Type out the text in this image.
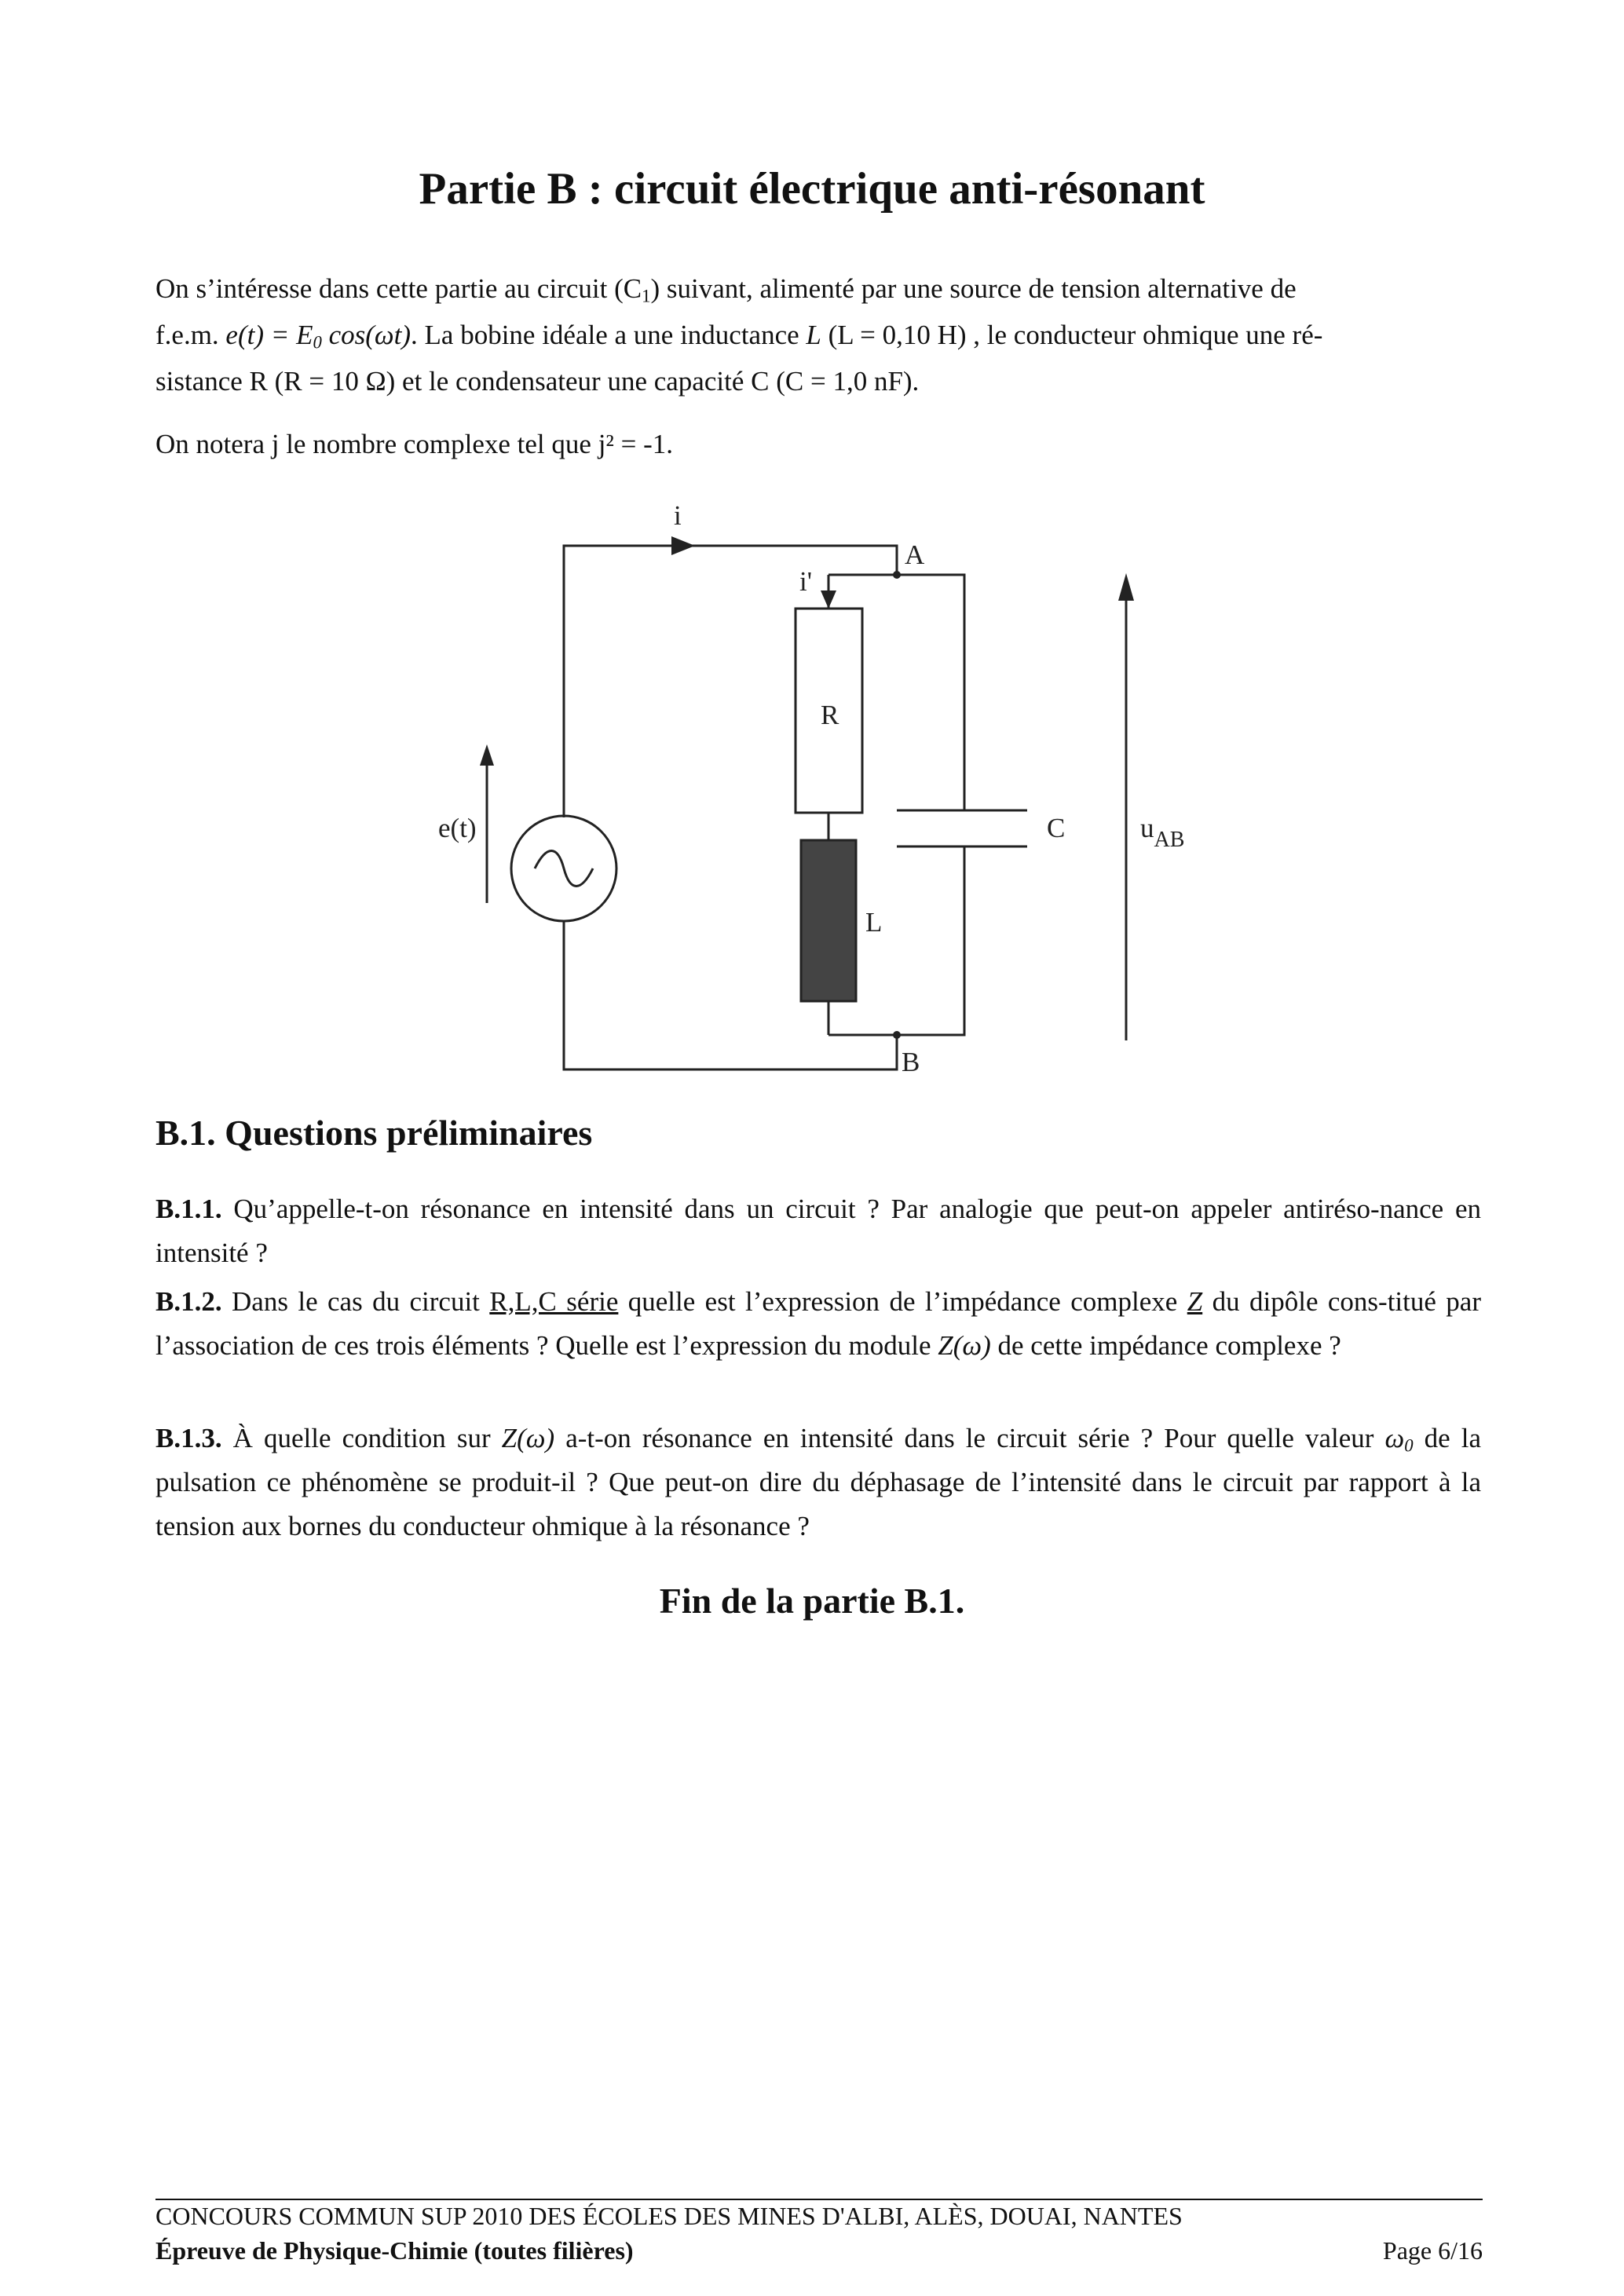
Partie B : circuit électrique anti-résonant
On s’intéresse dans cette partie au circuit $(C_1)$ suivant, alimenté par une source de tension alternative de
f.e.m. $e(t) = E_0$ cos(ωt). La bobine idéale a une inductance L (L = 0,10 H) , le conducteur ohmique une ré-
sistance R (R = 10 Ω) et le condensateur une capacité C (C = 1,0 nF).
On notera j le nombre complexe tel que j² = -1.
i
i'
A
B
R
L
C
e(t)	$u_{AB}$
B.1. Questions préliminaires
B.1.1. Qu’appelle-t-on résonance en intensité dans un circuit ? Par analogie que peut-on appeler antiréso-nance en intensité ?
B.1.2. Dans le cas du circuit R,L,C série quelle est l’expression de l’impédance complexe Z du dipôle cons-titué par l’association de ces trois éléments ? Quelle est l’expression du module Z(ω) de cette impédance complexe ?
B.1.3. À quelle condition sur Z(ω) a-t-on résonance en intensité dans le circuit série ? Pour quelle valeur $\omega_0$ de la pulsation ce phénomène se produit-il ? Que peut-on dire du déphasage de l’intensité dans le circuit par rapport à la tension aux bornes du conducteur ohmique à la résonance ?
Fin de la partie B.1.
CONCOURS COMMUN SUP 2010 DES ÉCOLES DES MINES D'ALBI, ALÈS, DOUAI, NANTES
Épreuve de Physique-Chimie (toutes filières)	Page 6/16
